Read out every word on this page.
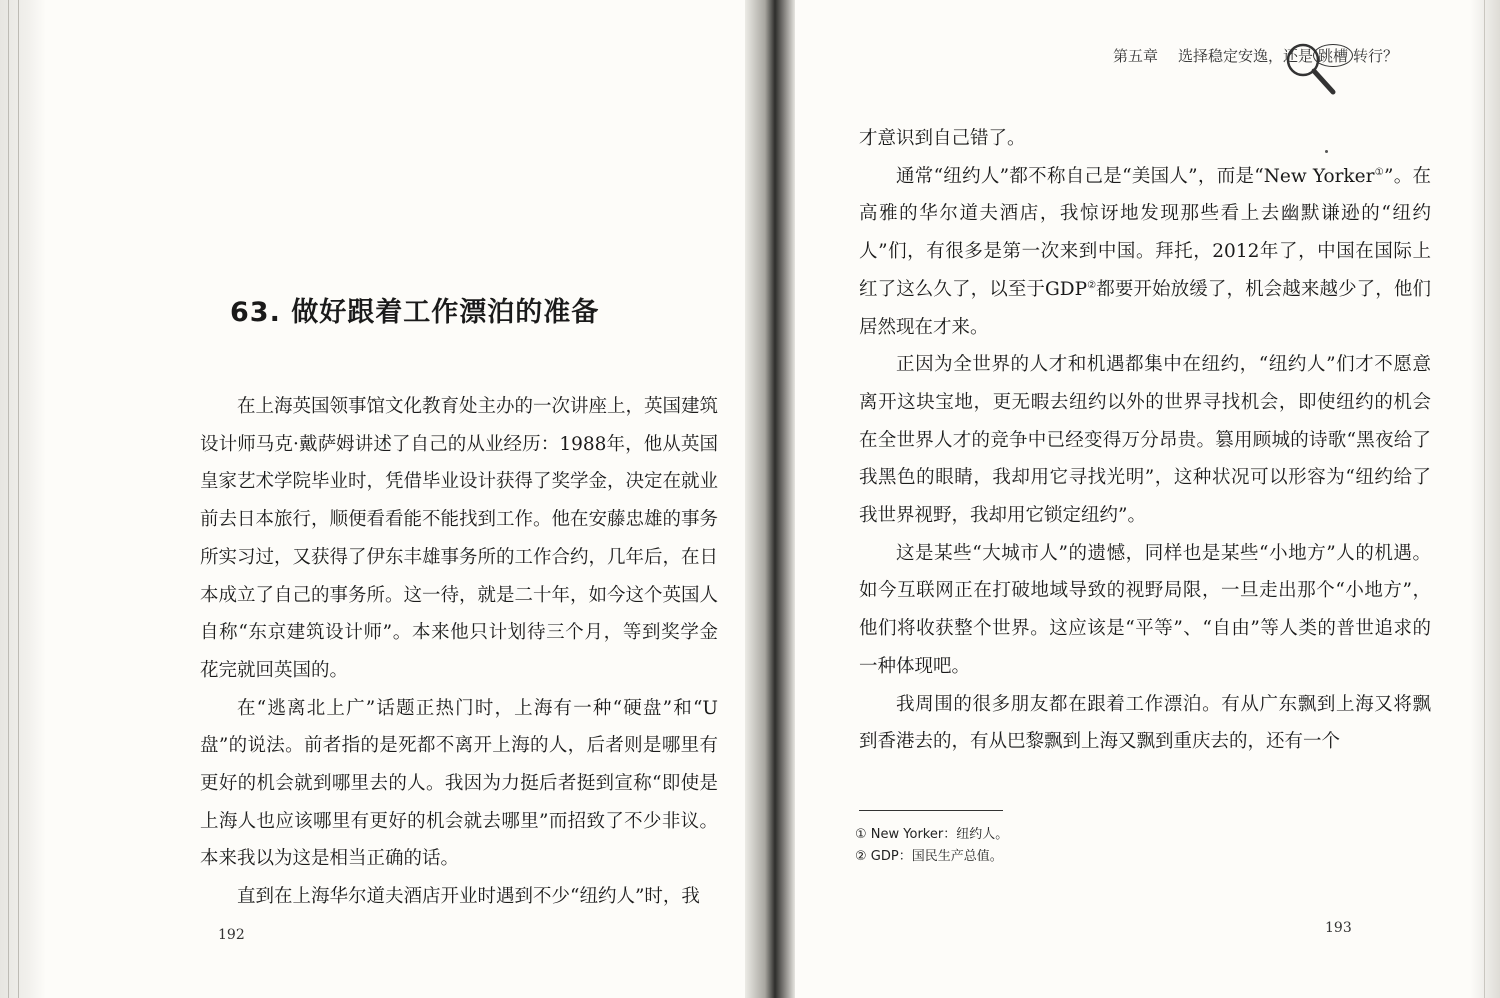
63. 做好跟着工作漂泊的准备

在上海英国领事馆文化教育处主办的一次讲座上，英国建筑设计师马克·戴萨姆讲述了自己的从业经历：1988年，他从英国皇家艺术学院毕业时，凭借毕业设计获得了奖学金，决定在就业前去日本旅行，顺便看看能不能找到工作。他在安藤忠雄的事务所实习过，又获得了伊东丰雄事务所的工作合约，几年后，在日本成立了自己的事务所。这一待，就是二十年，如今这个英国人自称“东京建筑设计师”。本来他只计划待三个月，等到奖学金花完就回英国的。

在“逃离北上广”话题正热门时，上海有一种“硬盘”和“U盘”的说法。前者指的是死都不离开上海的人，后者则是哪里有更好的机会就到哪里去的人。我因为力挺后者挺到宣称“即使是上海人也应该哪里有更好的机会就去哪里”而招致了不少非议。本来我以为这是相当正确的话。

直到在上海华尔道夫酒店开业时遇到不少“纽约人”时，我

192
第五章 选择稳定安逸，还是 跳槽 转行？

才意识到自己错了。

通常“纽约人”都不称自己是“美国人”，而是“New Yorker①”。在高雅的华尔道夫酒店，我惊讶地发现那些看上去幽默谦逊的“纽约人”们，有很多是第一次来到中国。拜托，2012年了，中国在国际上红了这么久了，以至于GDP②都要开始放缓了，机会越来越少了，他们居然现在才来。

正因为全世界的人才和机遇都集中在纽约，“纽约人”们才不愿意离开这块宝地，更无暇去纽约以外的世界寻找机会，即使纽约的机会在全世界人才的竞争中已经变得万分昂贵。篡用顾城的诗歌“黑夜给了我黑色的眼睛，我却用它寻找光明”，这种状况可以形容为“纽约给了我世界视野，我却用它锁定纽约”。

这是某些“大城市人”的遗憾，同样也是某些“小地方”人的机遇。如今互联网正在打破地域导致的视野局限，一旦走出那个“小地方”，他们将收获整个世界。这应该是“平等”、“自由”等人类的普世追求的一种体现吧。

我周围的很多朋友都在跟着工作漂泊。有从广东飘到上海又将飘到香港去的，有从巴黎飘到上海又飘到重庆去的，还有一个

① New Yorker：纽约人。
② GDP：国民生产总值。
193
